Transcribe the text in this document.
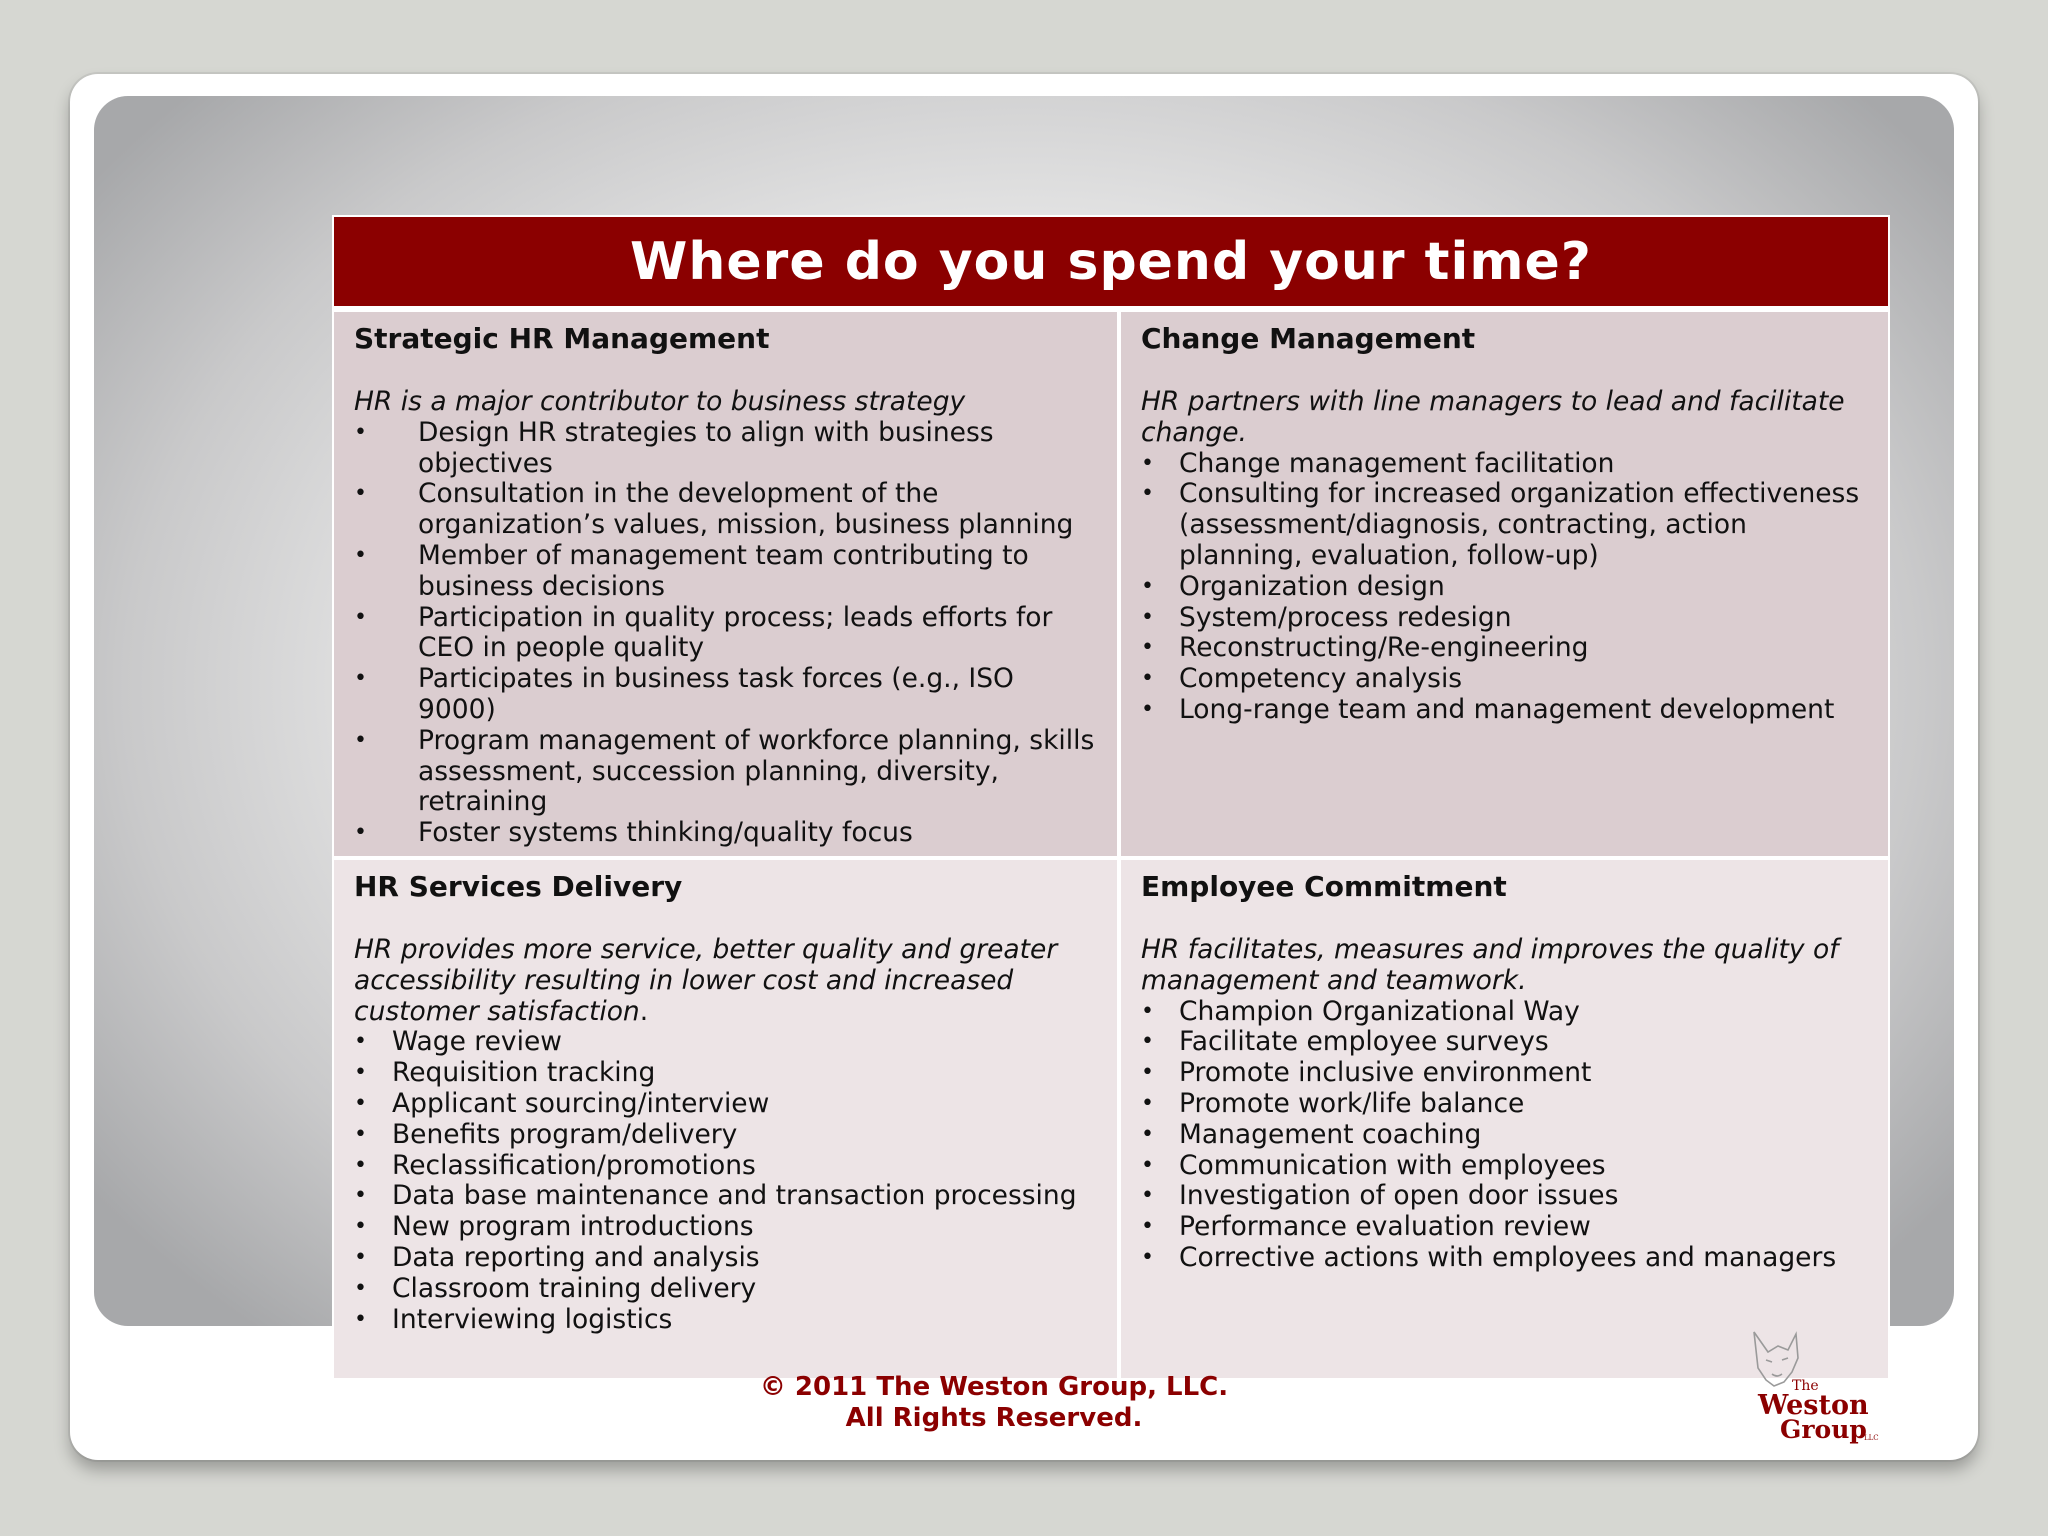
Where do you spend your time?
Strategic HR Management
HR is a major contributor to business strategy
• Design HR strategies to align with business objectives
• Consultation in the development of the organization’s values, mission, business planning
• Member of management team contributing to business decisions
• Participation in quality process; leads efforts for CEO in people quality
• Participates in business task forces (e.g., ISO 9000)
• Program management of workforce planning, skills assessment, succession planning, diversity, retraining
• Foster systems thinking/quality focus
Change Management
HR partners with line managers to lead and facilitate change.
• Change management facilitation
• Consulting for increased organization effectiveness (assessment/diagnosis, contracting, action planning, evaluation, follow-up)
• Organization design
• System/process redesign
• Reconstructing/Re-engineering
• Competency analysis
• Long-range team and management development
HR Services Delivery
HR provides more service, better quality and greater accessibility resulting in lower cost and increased customer satisfaction.
• Wage review
• Requisition tracking
• Applicant sourcing/interview
• Benefits program/delivery
• Reclassification/promotions
• Data base maintenance and transaction processing
• New program introductions
• Data reporting and analysis
• Classroom training delivery
• Interviewing logistics
Employee Commitment
HR facilitates, measures and improves the quality of management and teamwork.
• Champion Organizational Way
• Facilitate employee surveys
• Promote inclusive environment
• Promote work/life balance
• Management coaching
• Communication with employees
• Investigation of open door issues
• Performance evaluation review
• Corrective actions with employees and managers
© 2011 The Weston Group, LLC.
All Rights Reserved.
The
Weston
Group
LLC
